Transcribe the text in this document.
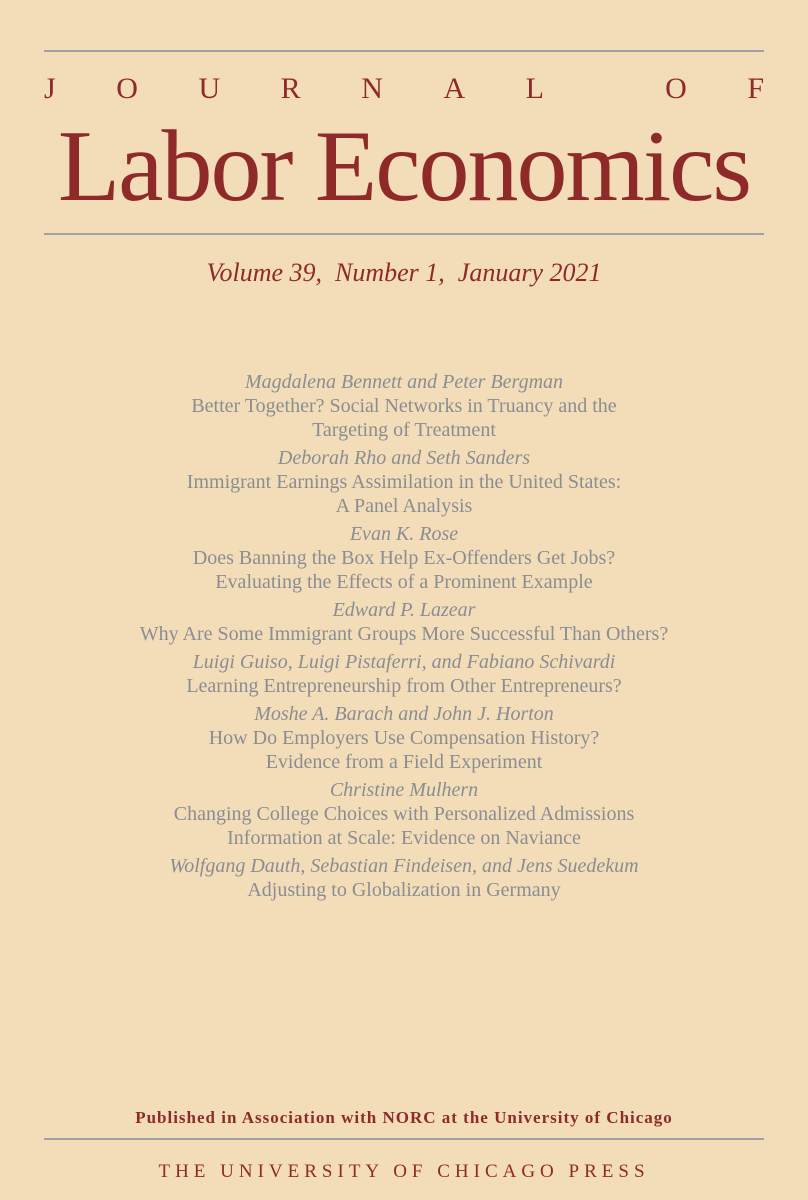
J O U R N A L	O F
Labor Economics
Volume 39,  Number 1,  January 2021
Magdalena Bennett and Peter Bergman
Better Together? Social Networks in Truancy and the
Targeting of Treatment
Deborah Rho and Seth Sanders
Immigrant Earnings Assimilation in the United States:
A Panel Analysis
Evan K. Rose
Does Banning the Box Help Ex-Offenders Get Jobs?
Evaluating the Effects of a Prominent Example
Edward P. Lazear
Why Are Some Immigrant Groups More Successful Than Others?
Luigi Guiso, Luigi Pistaferri, and Fabiano Schivardi
Learning Entrepreneurship from Other Entrepreneurs?
Moshe A. Barach and John J. Horton
How Do Employers Use Compensation History?
Evidence from a Field Experiment
Christine Mulhern
Changing College Choices with Personalized Admissions
Information at Scale: Evidence on Naviance
Wolfgang Dauth, Sebastian Findeisen, and Jens Suedekum
Adjusting to Globalization in Germany
Published in Association with NORC at the University of Chicago
THE UNIVERSITY OF CHICAGO PRESS
